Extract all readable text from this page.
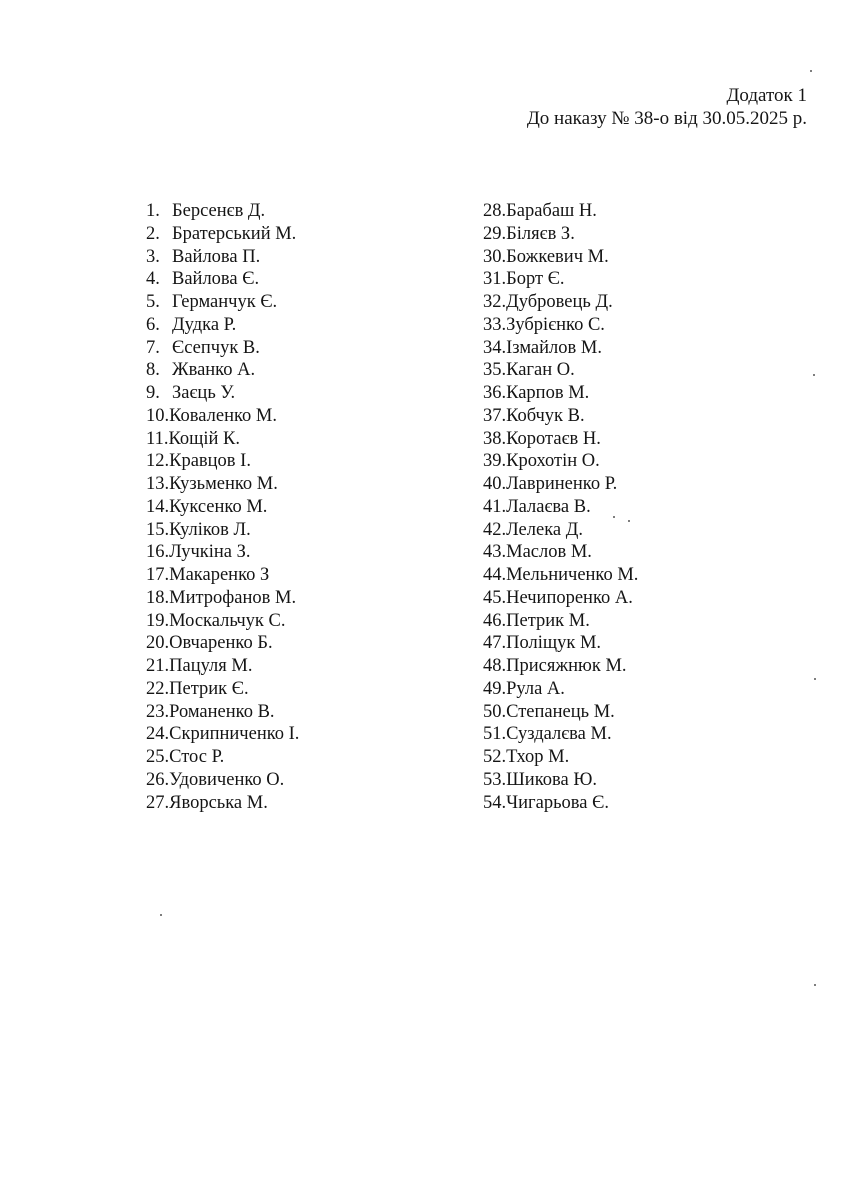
Додаток 1
До наказу № 38-о від 30.05.2025 р.
1. Берсенєв Д.
2. Братерський М.
3. Вайлова П.
4. Вайлова Є.
5. Германчук Є.
6. Дудка Р.
7. Єсепчук В.
8. Жванко А.
9. Заєць У.
10.Коваленко М.
11.Кощій К.
12.Кравцов І.
13.Кузьменко М.
14.Куксенко М.
15.Куліков Л.
16.Лучкіна З.
17.Макаренко З
18.Митрофанов М.
19.Москальчук С.
20.Овчаренко Б.
21.Пацуля М.
22.Петрик Є.
23.Романенко В.
24.Скрипниченко І.
25.Стос Р.
26.Удовиченко О.
27.Яворська М.
28.Барабаш Н.
29.Біляєв З.
30.Божкевич М.
31.Борт Є.
32.Дубровець Д.
33.Зубрієнко С.
34.Ізмайлов М.
35.Каган О.
36.Карпов М.
37.Кобчук В.
38.Коротаєв Н.
39.Крохотін О.
40.Лавриненко Р.
41.Лалаєва В.
42.Лелека Д.
43.Маслов М.
44.Мельниченко М.
45.Нечипоренко А.
46.Петрик М.
47.Поліщук М.
48.Присяжнюк М.
49.Рула А.
50.Степанець М.
51.Суздалєва М.
52.Тхор М.
53.Шикова Ю.
54.Чигарьова Є.
